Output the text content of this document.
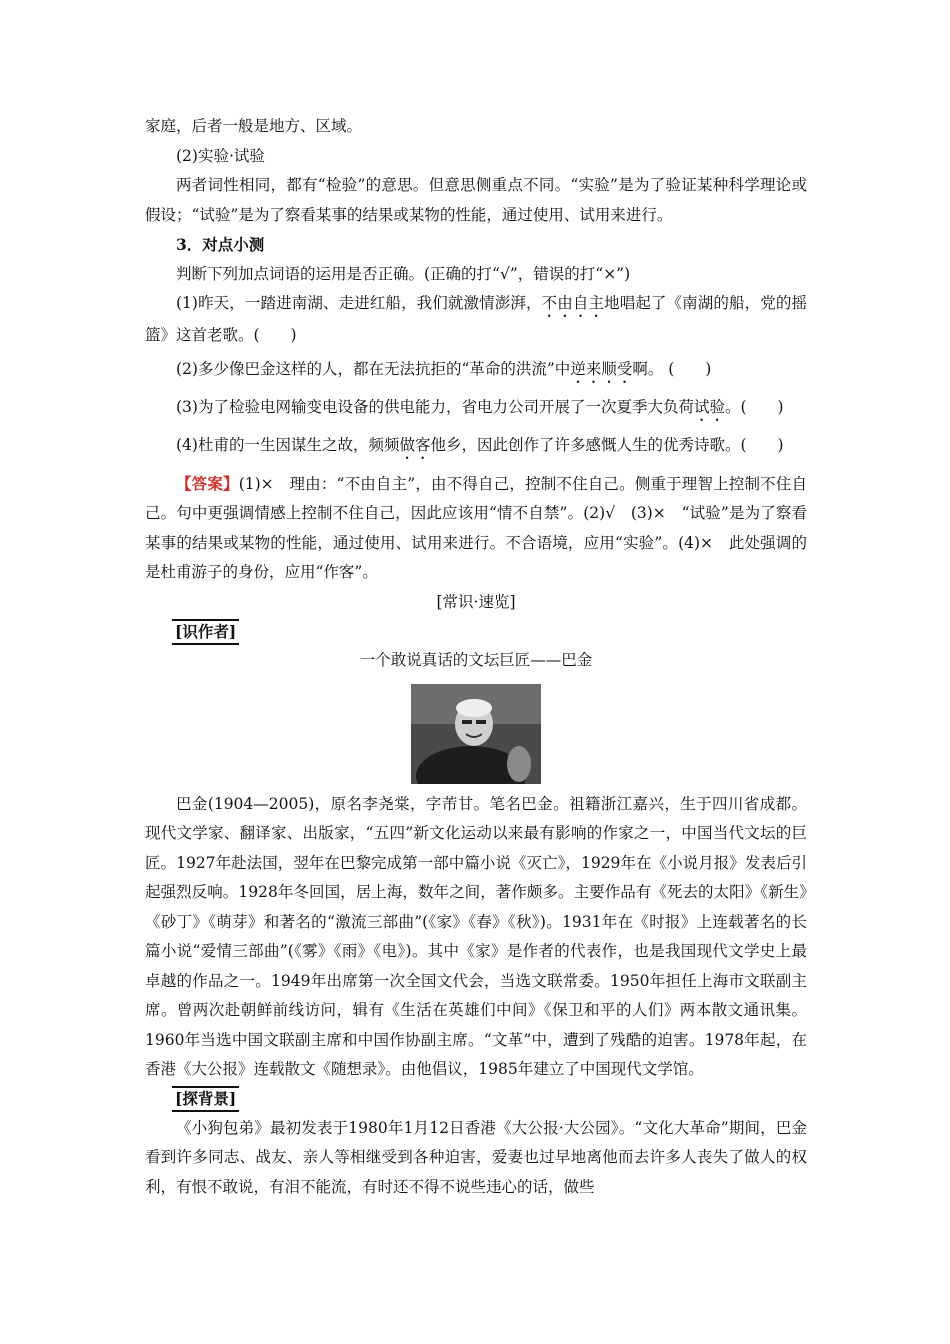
家庭，后者一般是地方、区域。

(2)实验·试验

两者词性相同，都有“检验”的意思。但意思侧重点不同。“实验”是为了验证某种科学理论或假设；“试验”是为了察看某事的结果或某物的性能，通过使用、试用来进行。

3．对点小测

判断下列加点词语的运用是否正确。(正确的打“√”，错误的打“×”)

(1)昨天，一踏进南湖、走进红船，我们就激情澎湃，不由自主地唱起了《南湖的船，党的摇篮》这首老歌。(　　)

(2)多少像巴金这样的人，都在无法抗拒的“革命的洪流”中逆来顺受啊。 (　　)

(3)为了检验电网输变电设备的供电能力，省电力公司开展了一次夏季大负荷试验。(　　)

(4)杜甫的一生因谋生之故，频频做客他乡，因此创作了许多感慨人生的优秀诗歌。(　　)

【答案】(1)×　理由：“不由自主”，由不得自己，控制不住自己。侧重于理智上控制不住自己。句中更强调情感上控制不住自己，因此应该用“情不自禁”。(2)√　(3)×　“试验”是为了察看某事的结果或某物的性能，通过使用、试用来进行。不合语境，应用“实验”。(4)×　此处强调的是杜甫游子的身份，应用“作客”。

[常识·速览]

[识作者]

一个敢说真话的文坛巨匠——巴金

巴金(1904—2005)，原名李尧棠，字芾甘。笔名巴金。祖籍浙江嘉兴，生于四川省成都。现代文学家、翻译家、出版家，“五四”新文化运动以来最有影响的作家之一，中国当代文坛的巨匠。1927年赴法国，翌年在巴黎完成第一部中篇小说《灭亡》，1929年在《小说月报》发表后引起强烈反响。1928年冬回国，居上海，数年之间，著作颇多。主要作品有《死去的太阳》《新生》《砂丁》《萌芽》和著名的“激流三部曲”(《家》《春》《秋》)。1931年在《时报》上连载著名的长篇小说“爱情三部曲”(《雾》《雨》《电》)。其中《家》是作者的代表作，也是我国现代文学史上最卓越的作品之一。1949年出席第一次全国文代会，当选文联常委。1950年担任上海市文联副主席。曾两次赴朝鲜前线访问，辑有《生活在英雄们中间》《保卫和平的人们》两本散文通讯集。1960年当选中国文联副主席和中国作协副主席。“文革”中，遭到了残酷的迫害。1978年起，在香港《大公报》连载散文《随想录》。由他倡议，1985年建立了中国现代文学馆。

[探背景]

《小狗包弟》最初发表于1980年1月12日香港《大公报·大公园》。“文化大革命”期间，巴金看到许多同志、战友、亲人等相继受到各种迫害，爱妻也过早地离他而去许多人丧失了做人的权利，有恨不敢说，有泪不能流，有时还不得不说些违心的话，做些
